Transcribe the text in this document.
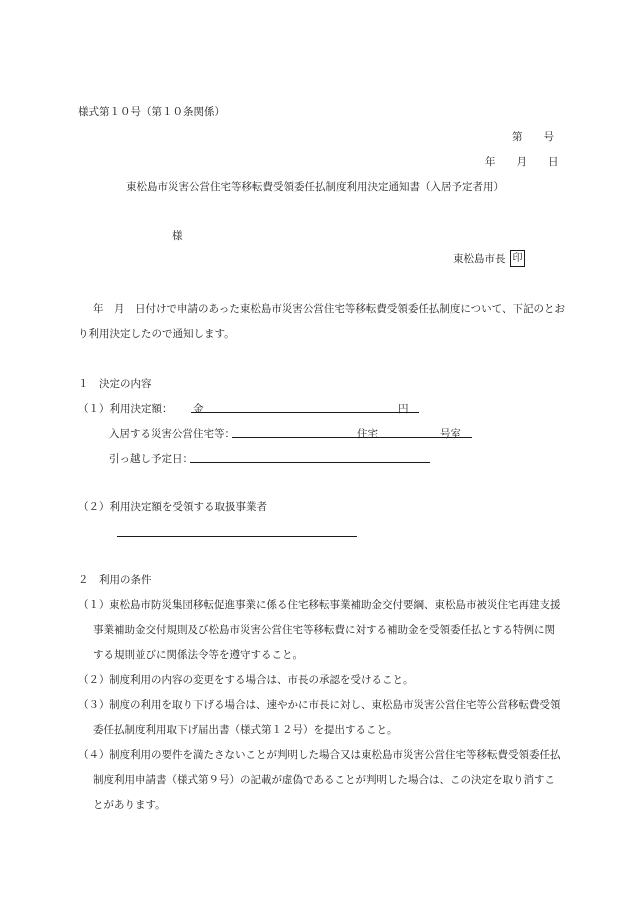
様式第１０号（第１０条関係）
第　　号
年　　月　　日
東松島市災害公営住宅等移転費受領委任払制度利用決定通知書（入居予定者用）
様
東松島市長 印
年　月　日付けで申請のあった東松島市災害公営住宅等移転費受領委任払制度について、下記のとお
り利用決定したので通知します。
１　決定の内容
（１）利用決定額： 金	円
入居する災害公営住宅等：	住宅	号室
引っ越し予定日：
（２）利用決定額を受領する取扱事業者
２　利用の条件
（１） 東松島市防災集団移転促進事業に係る住宅移転事業補助金交付要綱、東松島市被災住宅再建支援
事業補助金交付規則及び松島市災害公営住宅等移転費に対する補助金を受領委任払とする特例に関
する規則並びに関係法令等を遵守すること。
（２） 制度利用の内容の変更をする場合は、市長の承認を受けること。
（３） 制度の利用を取り下げる場合は、速やかに市長に対し、東松島市災害公営住宅等公営移転費受領
委任払制度利用取下げ届出書（様式第１２号）を提出すること。
（４） 制度利用の要件を満たさないことが判明した場合又は東松島市災害公営住宅等移転費受領委任払
制度利用申請書（様式第９号）の記載が虚偽であることが判明した場合は、この決定を取り消すこ
とがあります。
